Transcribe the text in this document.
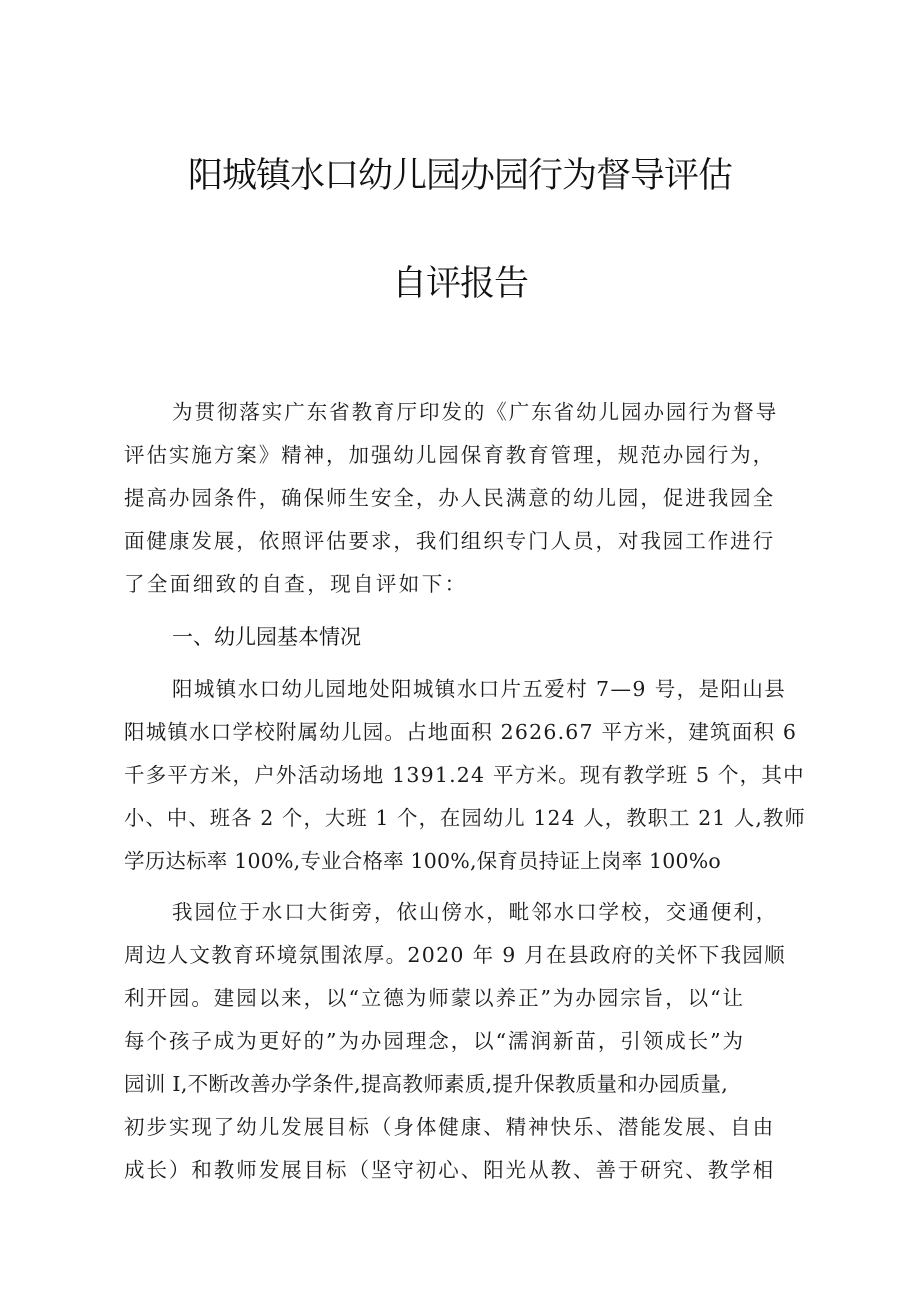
阳城镇水口幼儿园办园行为督导评估
自评报告
为贯彻落实广东省教育厅印发的《广东省幼儿园办园行为督导
评估实施方案》精神，加强幼儿园保育教育管理，规范办园行为，
提高办园条件，确保师生安全，办人民满意的幼儿园，促进我园全
面健康发展，依照评估要求，我们组织专门人员，对我园工作进行
了全面细致的自查，现自评如下：
一、幼儿园基本情况
阳城镇水口幼儿园地处阳城镇水口片五爱村 7—9 号，是阳山县
阳城镇水口学校附属幼儿园。占地面积 2626.67 平方米，建筑面积 6
千多平方米，户外活动场地 1391.24 平方米。现有教学班 5 个，其中
小、中、班各 2 个，大班 1 个，在园幼儿 124 人，教职工 21 人,教师
学历达标率 100%,专业合格率 100%,保育员持证上岗率 100%o
我园位于水口大街旁，依山傍水，毗邻水口学校，交通便利，
周边人文教育环境氛围浓厚。2020 年 9 月在县政府的关怀下我园顺
利开园。建园以来，以“立德为师蒙以养正”为办园宗旨，以“让
每个孩子成为更好的”为办园理念，以“濡润新苗，引领成长”为
园训 I,不断改善办学条件,提高教师素质,提升保教质量和办园质量,
初步实现了幼儿发展目标（身体健康、精神快乐、潜能发展、自由
成长）和教师发展目标（坚守初心、阳光从教、善于研究、教学相
